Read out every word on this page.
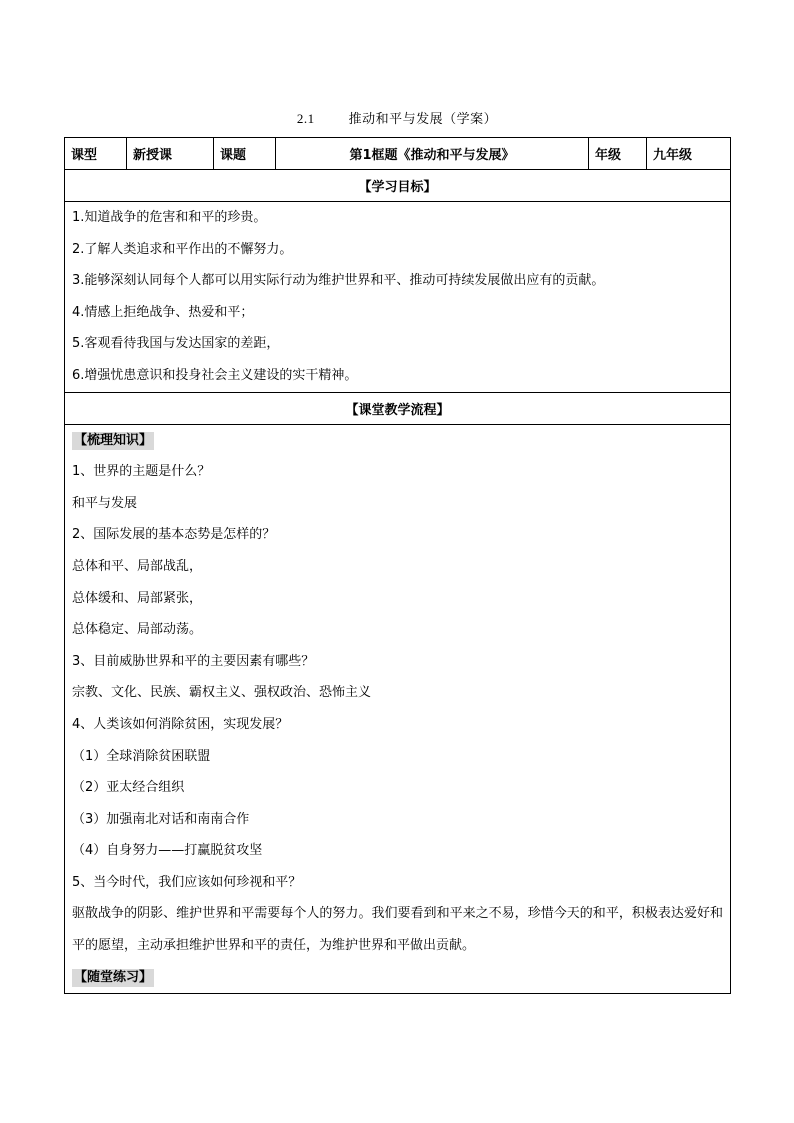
2.1	推动和平与发展（学案）
课型	新授课	课题	第1框题《推动和平与发展》	年级	九年级
【学习目标】

1.知道战争的危害和和平的珍贵。
2.了解人类追求和平作出的不懈努力。
3.能够深刻认同每个人都可以用实际行动为维护世界和平、推动可持续发展做出应有的贡献。
4.情感上拒绝战争、热爱和平；
5.客观看待我国与发达国家的差距，
6.增强忧患意识和投身社会主义建设的实干精神。

【课堂教学流程】

【梳理知识】
1、世界的主题是什么？
和平与发展
2、国际发展的基本态势是怎样的？
总体和平、局部战乱，
总体缓和、局部紧张，
总体稳定、局部动荡。
3、目前威胁世界和平的主要因素有哪些？
宗教、文化、民族、霸权主义、强权政治、恐怖主义
4、人类该如何消除贫困，实现发展？
（1）全球消除贫困联盟
（2）亚太经合组织
（3）加强南北对话和南南合作
（4）自身努力——打赢脱贫攻坚
5、当今时代，我们应该如何珍视和平？
驱散战争的阴影、维护世界和平需要每个人的努力。我们要看到和平来之不易，珍惜今天的和平，积极表达爱好和平的愿望，主动承担维护世界和平的责任，为维护世界和平做出贡献。
【随堂练习】
